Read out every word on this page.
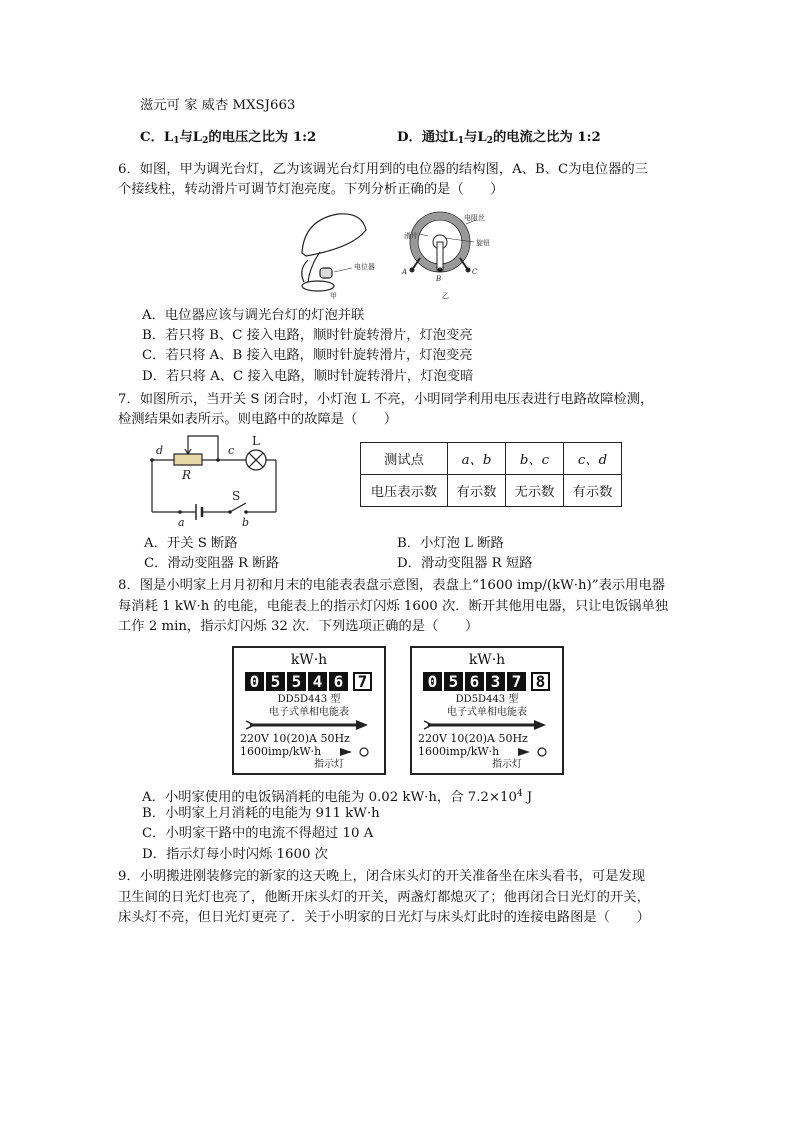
滋元可 家 威杏 MXSJ663
C．$L_1$与$L_2$的电压之比为 1:2	D．通过$L_1$与$L_2$的电流之比为 1:2
6．如图，甲为调光台灯，乙为该调光台灯用到的电位器的结构图，A、B、C为电位器的三
个接线柱，转动滑片可调节灯泡亮度。下列分析正确的是（　　）
电位器
甲
滑片
电阻丝
旋钮
A
B
C
乙
A．电位器应该与调光台灯的灯泡并联
B．若只将 B、C 接入电路，顺时针旋转滑片，灯泡变亮
C．若只将 A、B 接入电路，顺时针旋转滑片，灯泡变亮
D．若只将 A、C 接入电路，顺时针旋转滑片，灯泡变暗
7．如图所示，当开关 S 闭合时，小灯泡 L 不亮，小明同学利用电压表进行电路故障检测，
检测结果如表所示。则电路中的故障是（　　）
d	c
L
R
S
a	b
测试点	a、b	b、c	c、d
电压表示数	有示数	无示数	有示数
A．开关 S 断路	B．小灯泡 L 断路
C．滑动变阻器 R 断路	D．滑动变阻器 R 短路
8．图是小明家上月月初和月末的电能表表盘示意图，表盘上“1600 imp/(kW·h)”表示用电器
每消耗 1 kW·h 的电能，电能表上的指示灯闪烁 1600 次．断开其他用电器，只让电饭锅单独
工作 2 min，指示灯闪烁 32 次．下列选项正确的是（　　）
kW·h
0 5 5 4 6 7
DD5D443 型
电子式单相电能表
220V 10(20)A 50Hz
1600imp/kW·h
指示灯
kW·h
0 5 6 3 7 8
DD5D443 型
电子式单相电能表
220V 10(20)A 50Hz
1600imp/kW·h
指示灯
A．小明家使用的电饭锅消耗的电能为 0.02 kW·h，合 $7.2\times 10^4$ J
B．小明家上月消耗的电能为 911 kW·h
C．小明家干路中的电流不得超过 10 A
D．指示灯每小时闪烁 1600 次
9．小明搬进刚装修完的新家的这天晚上，闭合床头灯的开关准备坐在床头看书，可是发现
卫生间的日光灯也亮了，他断开床头灯的开关，两盏灯都熄灭了；他再闭合日光灯的开关，
床头灯不亮，但日光灯更亮了．关于小明家的日光灯与床头灯此时的连接电路图是（　　）
